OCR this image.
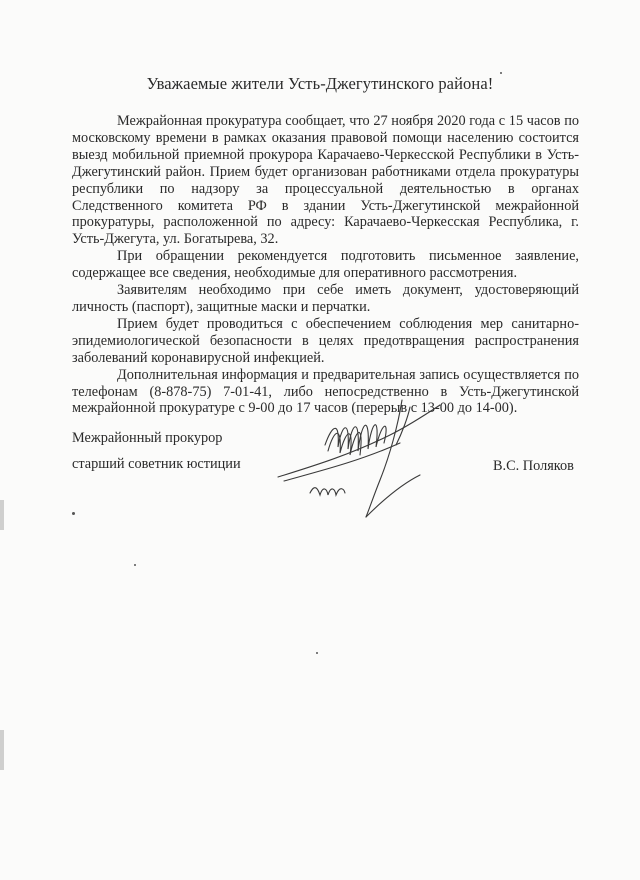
Уважаемые жители Усть-Джегутинского района!

Межрайонная прокуратура сообщает, что 27 ноября 2020 года с 15 часов по московскому времени в рамках оказания правовой помощи населению состоится выезд мобильной приемной прокурора Карачаево-Черкесской Республики в Усть-Джегутинский район. Прием будет организован работниками отдела прокуратуры республики по надзору за процессуальной деятельностью в органах Следственного комитета РФ в здании Усть-Джегутинской межрайонной прокуратуры, расположенной по адресу: Карачаево-Черкесская Республика, г. Усть-Джегута, ул. Богатырева, 32.

При обращении рекомендуется подготовить письменное заявление, содержащее все сведения, необходимые для оперативного рассмотрения.

Заявителям необходимо при себе иметь документ, удостоверяющий личность (паспорт), защитные маски и перчатки.

Прием будет проводиться с обеспечением соблюдения мер санитарно-эпидемиологической безопасности в целях предотвращения распространения заболеваний коронавирусной инфекцией.

Дополнительная информация и предварительная запись осуществляется по телефонам (8-878-75) 7-01-41, либо непосредственно в Усть-Джегутинской межрайонной прокуратуре с 9-00 до 17 часов (перерыв с 13-00 до 14-00).

Межрайонный прокурор
старший советник юстиции	В.С. Поляков
